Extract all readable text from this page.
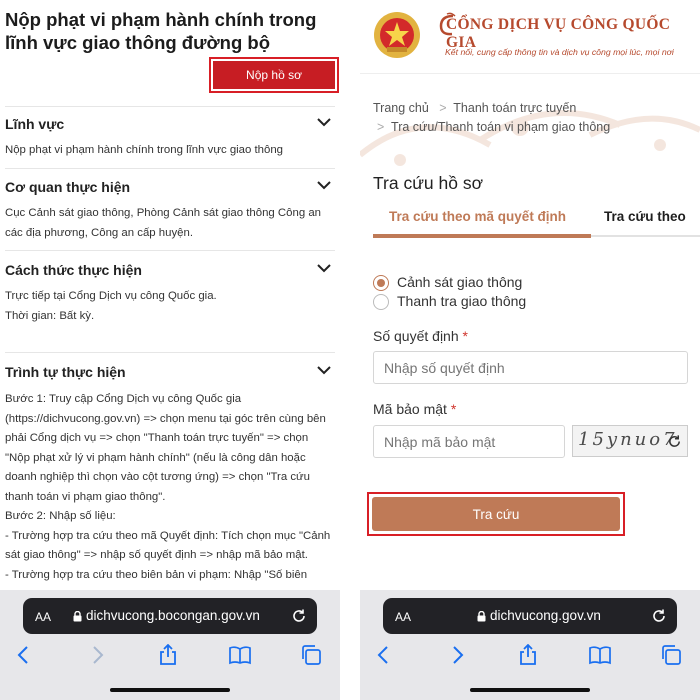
Nộp phạt vi phạm hành chính trong lĩnh vực giao thông đường bộ
Nộp hồ sơ
Lĩnh vực

Nộp phạt vi phạm hành chính trong lĩnh vực giao thông

Cơ quan thực hiện

Cục Cảnh sát giao thông, Phòng Cảnh sát giao thông Công an các địa phương, Công an cấp huyện.

Cách thức thực hiện

Trực tiếp tại Cổng Dịch vụ công Quốc gia.

Thời gian: Bất kỳ.

Trình tự thực hiện

Bước 1: Truy cập Cổng Dịch vụ công Quốc gia (https://dichvucong.gov.vn) => chọn menu tại góc trên cùng bên phải Cổng dịch vụ => chọn "Thanh toán trực tuyến" => chọn "Nộp phạt xử lý vi phạm hành chính" (nếu là công dân hoặc doanh nghiệp thì chọn vào cột tương ứng) => chọn "Tra cứu thanh toán vi phạm giao thông".

Bước 2: Nhập số liệu:

- Trường hợp tra cứu theo mã Quyết định: Tích chọn mục "Cảnh sát giao thông" => nhập số quyết định => nhập mã bảo mật.

- Trường hợp tra cứu theo biên bản vi phạm: Nhập "Số biên

AA	dichvucong.bocongan.gov.vn
CỔNG DỊCH VỤ CÔNG QUỐC GIA
Kết nối, cung cấp thông tin và dịch vụ công mọi lúc, mọi nơi
Trang chủ   >  Thanh toán trực tuyến
>  Tra cứu/Thanh toán vi phạm giao thông
Tra cứu hồ sơ
Tra cứu theo mã quyết định	Tra cứu theo
Cảnh sát giao thông
Thanh tra giao thông
Số quyết định *
Nhập số quyết định
Mã bảo mật *
Nhập mã bảo mật
15ynuo7
Tra cứu
AA	dichvucong.gov.vn
